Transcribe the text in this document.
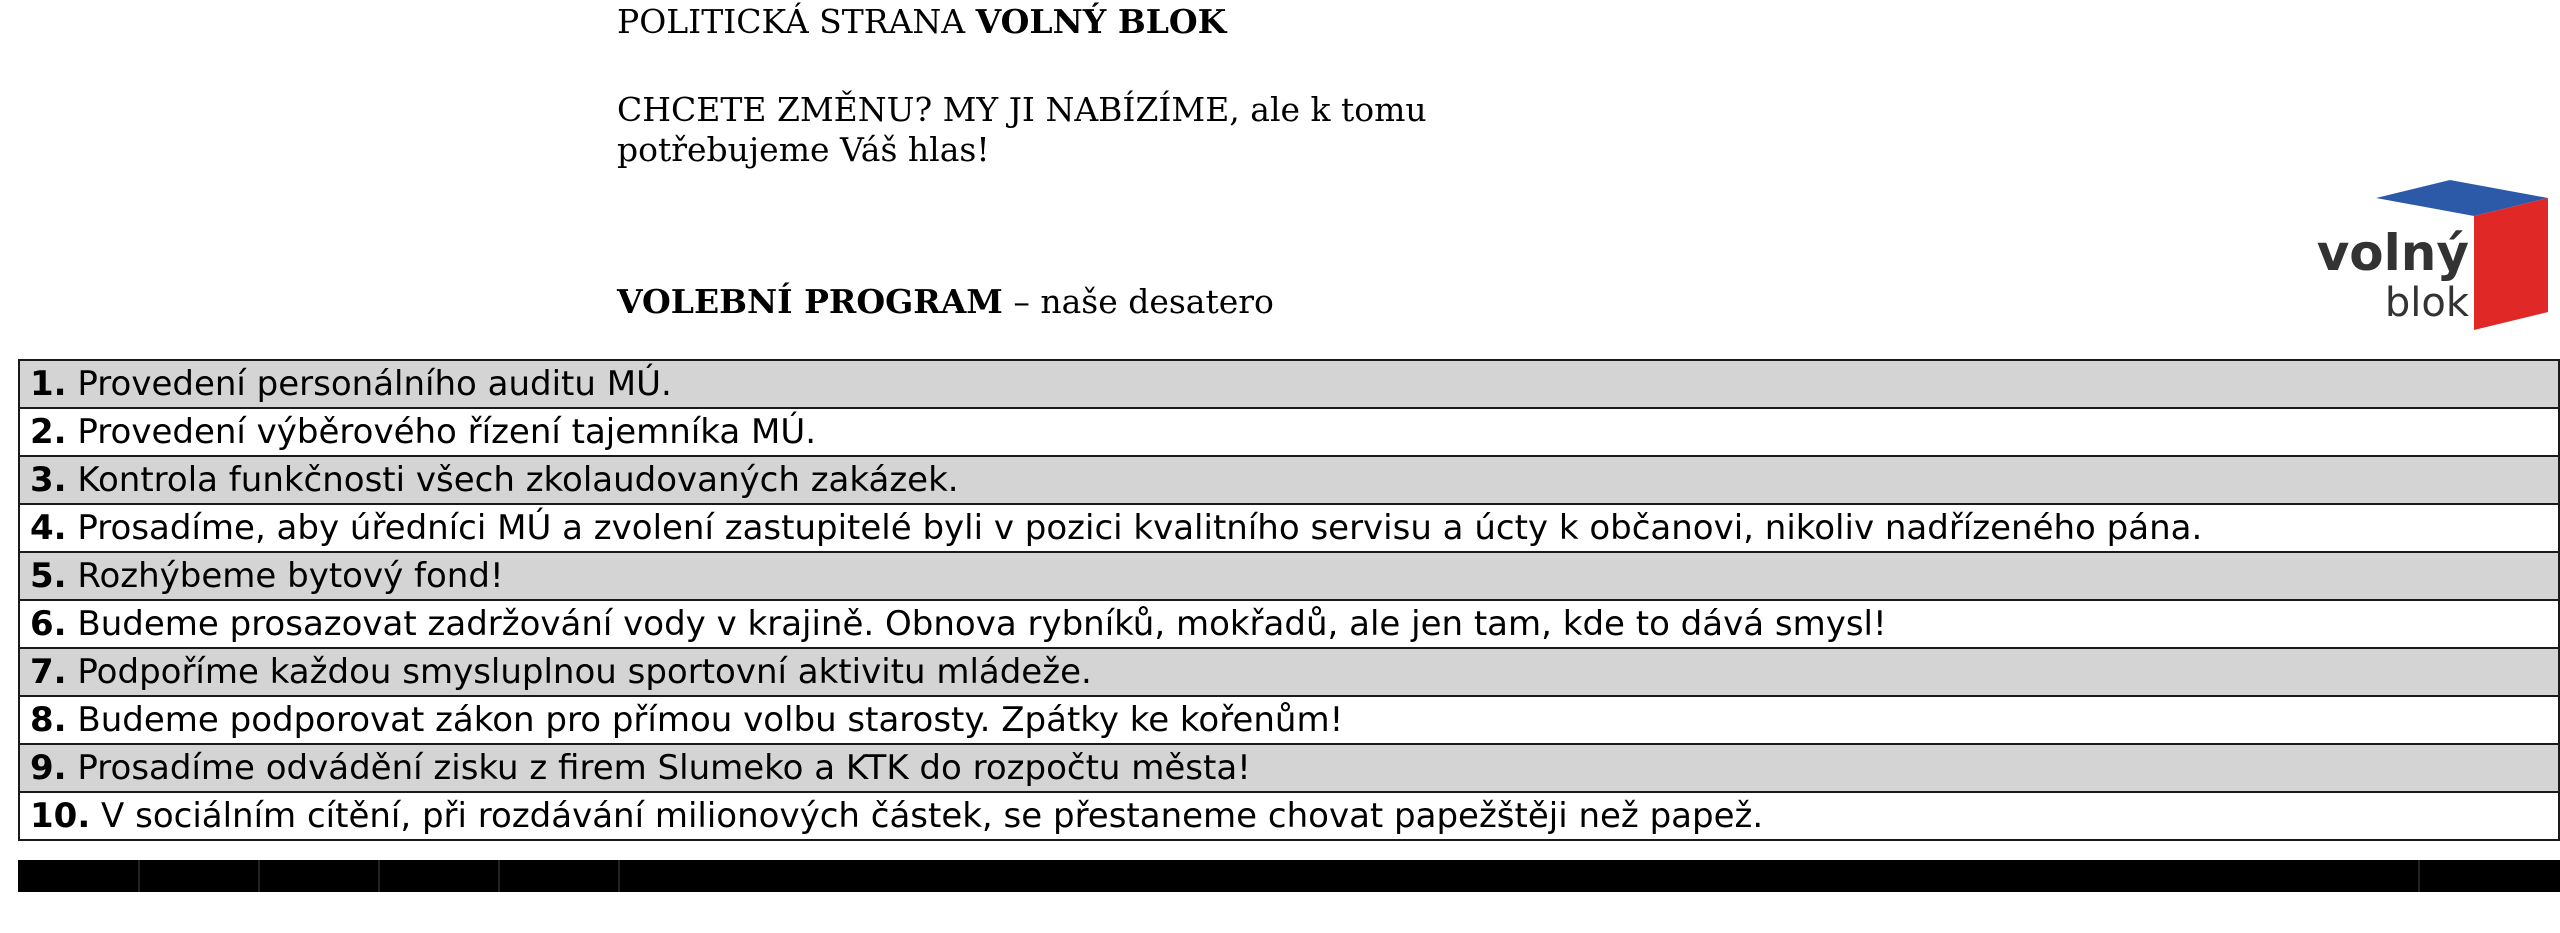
POLITICKÁ STRANA VOLNÝ BLOK
CHCETE ZMĚNU? MY JI NABÍZÍME, ale k tomu potřebujeme Váš hlas!
VOLEBNÍ PROGRAM – naše desatero
volný
blok
1. Provedení personálního auditu MÚ.
2. Provedení výběrového řízení tajemníka MÚ.
3. Kontrola funkčnosti všech zkolaudovaných zakázek.
4. Prosadíme, aby úředníci MÚ a zvolení zastupitelé byli v pozici kvalitního servisu a úcty k občanovi, nikoliv nadřízeného pána.
5. Rozhýbeme bytový fond!
6. Budeme prosazovat zadržování vody v krajině. Obnova rybníků, mokřadů, ale jen tam, kde to dává smysl!
7. Podpoříme každou smysluplnou sportovní aktivitu mládeže.
8. Budeme podporovat zákon pro přímou volbu starosty. Zpátky ke kořenům!
9. Prosadíme odvádění zisku z firem Slumeko a KTK do rozpočtu města!
10. V sociálním cítění, při rozdávání milionových částek, se přestaneme chovat papežštěji než papež.
